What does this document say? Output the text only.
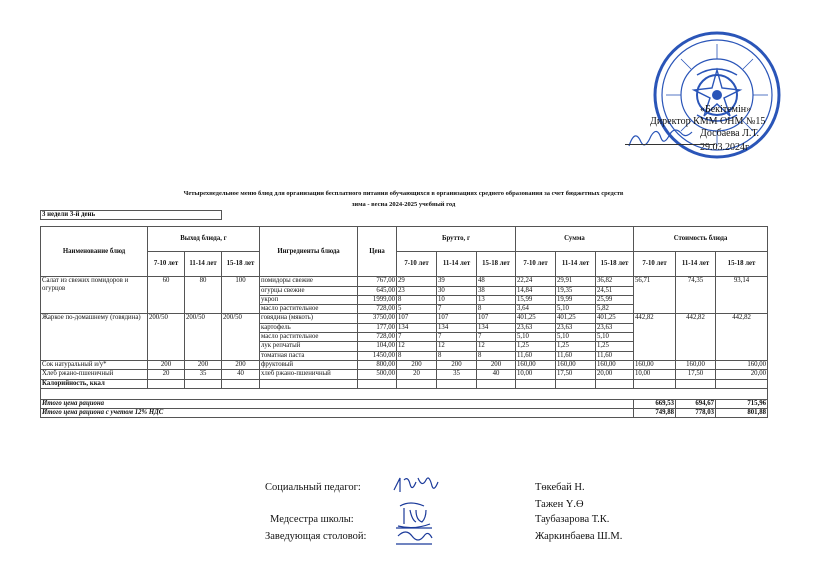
«Бекітемін»
Директор КММ ОНМ №15
Досбаева Л.Т.
29.03.2024г
Четырехнедельное меню блюд для организации бесплатного питания обучающихся в организациях среднего образования за счет бюджетных средств
зима - весна 2024-2025 учебный год
3 недели 3-й день														

Наименование блюд	Выход блюда, г			Ингредиенты блюда	Цена	Брутто, г			Сумма			Стоимость блюда		
	7-10 лет	11-14 лет	15-18 лет			7-10 лет	11-14 лет	15-18 лет	7-10 лет	11-14 лет	15-18 лет	7-10 лет	11-14 лет	15-18 лет
Салат из свежих помидоров и огурцов	60	80	100	помидоры свежие	767,00	29	39	48	22,24	29,91	36,82	56,71	74,35	93,14
				огурцы свежие	645,00	23	30	38	14,84	19,35	24,51			
				укроп	1999,00	8	10	13	15,99	19,99	25,99			
				масло растительное	728,00	5	7	8	3,64	5,10	5,82			
Жаркое по-домашнему (говядина)	200/50	200/50	200/50	говядина (мякоть)	3750,00	107	107	107	401,25	401,25	401,25	442,82	442,82	442,82
				картофель	177,00	134	134	134	23,63	23,63	23,63			
				масло растительное	728,00	7	7	7	5,10	5,10	5,10			
				лук репчатый	104,00	12	12	12	1,25	1,25	1,25			
				томатная паста	1450,00	8	8	8	11,60	11,60	11,60			
Сок натуральный и/у*	200	200	200	фруктовый	800,00	200	200	200	160,00	160,00	160,00	160,00	160,00	160,00
Хлеб ржано-пшеничный	20	35	40	хлеб ржано-пшеничный	500,00	20	35	40	10,00	17,50	20,00	10,00	17,50	20,00
Калорийность, ккал														

Итого цена рациона												669,53	694,67	715,96
Итого цена рациона с учетом 12% НДС												749,88	778,03	801,88
Социальный педагог:	Төкебай Н.
Тажен Ү.Ө
Медсестра школы:	Таубазарова Т.К.
Заведующая столовой:	Жаркинбаева Ш.М.
